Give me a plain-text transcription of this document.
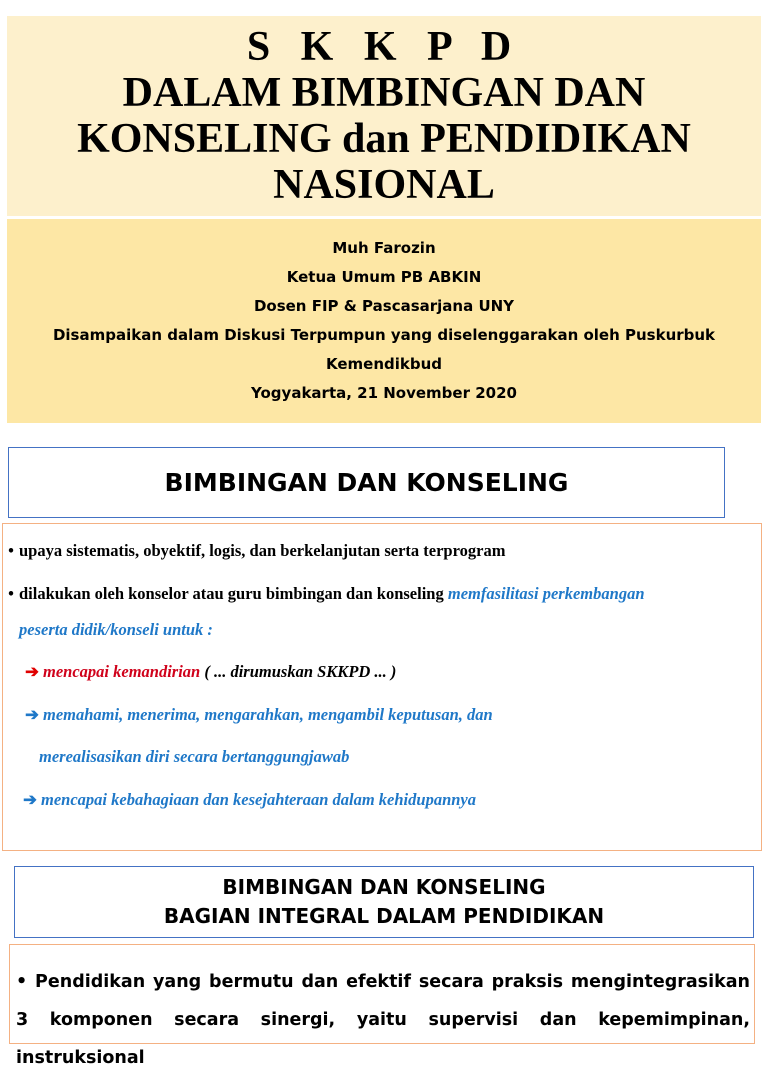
S K K P D
DALAM BIMBINGAN DAN
KONSELING dan PENDIDIKAN
NASIONAL
Muh Farozin
Ketua Umum PB ABKIN
Dosen FIP & Pascasarjana UNY
Disampaikan dalam Diskusi Terpumpun yang diselenggarakan oleh Puskurbuk Kemendikbud
Yogyakarta, 21 November 2020
BIMBINGAN DAN KONSELING
• upaya sistematis, obyektif, logis, dan berkelanjutan serta terprogram
• dilakukan oleh konselor atau guru bimbingan dan konseling memfasilitasi perkembangan
peserta didik/konseli untuk :
➔ mencapai kemandirian ( ... dirumuskan SKKPD ... )
➔ memahami, menerima, mengarahkan, mengambil keputusan, dan
merealisasikan diri secara bertanggungjawab
➔ mencapai kebahagiaan dan kesejahteraan dalam kehidupannya
BIMBINGAN DAN KONSELING
BAGIAN INTEGRAL DALAM PENDIDIKAN
• Pendidikan yang bermutu dan efektif secara praksis mengintegrasikan 3 komponen secara sinergi, yaitu supervisi dan kepemimpinan, instruksional
